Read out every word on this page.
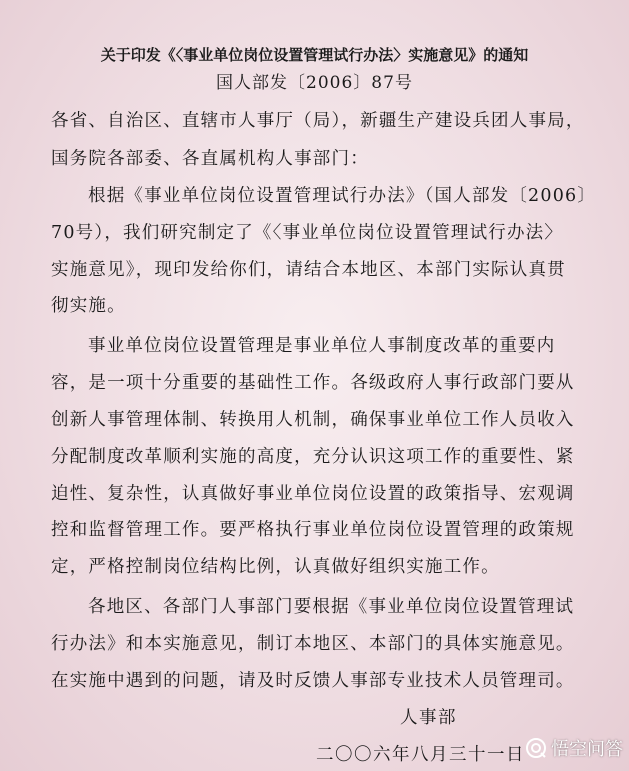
关于印发《〈事业单位岗位设置管理试行办法〉实施意见》的通知
国人部发〔2006〕87号
各省、自治区、直辖市人事厅（局），新疆生产建设兵团人事局，
国务院各部委、各直属机构人事部门：
根据《事业单位岗位设置管理试行办法》（国人部发〔2006〕
70号），我们研究制定了《〈事业单位岗位设置管理试行办法〉
实施意见》，现印发给你们，请结合本地区、本部门实际认真贯
彻实施。
事业单位岗位设置管理是事业单位人事制度改革的重要内
容，是一项十分重要的基础性工作。各级政府人事行政部门要从
创新人事管理体制、转换用人机制，确保事业单位工作人员收入
分配制度改革顺利实施的高度，充分认识这项工作的重要性、紧
迫性、复杂性，认真做好事业单位岗位设置的政策指导、宏观调
控和监督管理工作。要严格执行事业单位岗位设置管理的政策规
定，严格控制岗位结构比例，认真做好组织实施工作。
各地区、各部门人事部门要根据《事业单位岗位设置管理试
行办法》和本实施意见，制订本地区、本部门的具体实施意见。
在实施中遇到的问题，请及时反馈人事部专业技术人员管理司。
人事部
二〇〇六年八月三十一日 悟空问答
